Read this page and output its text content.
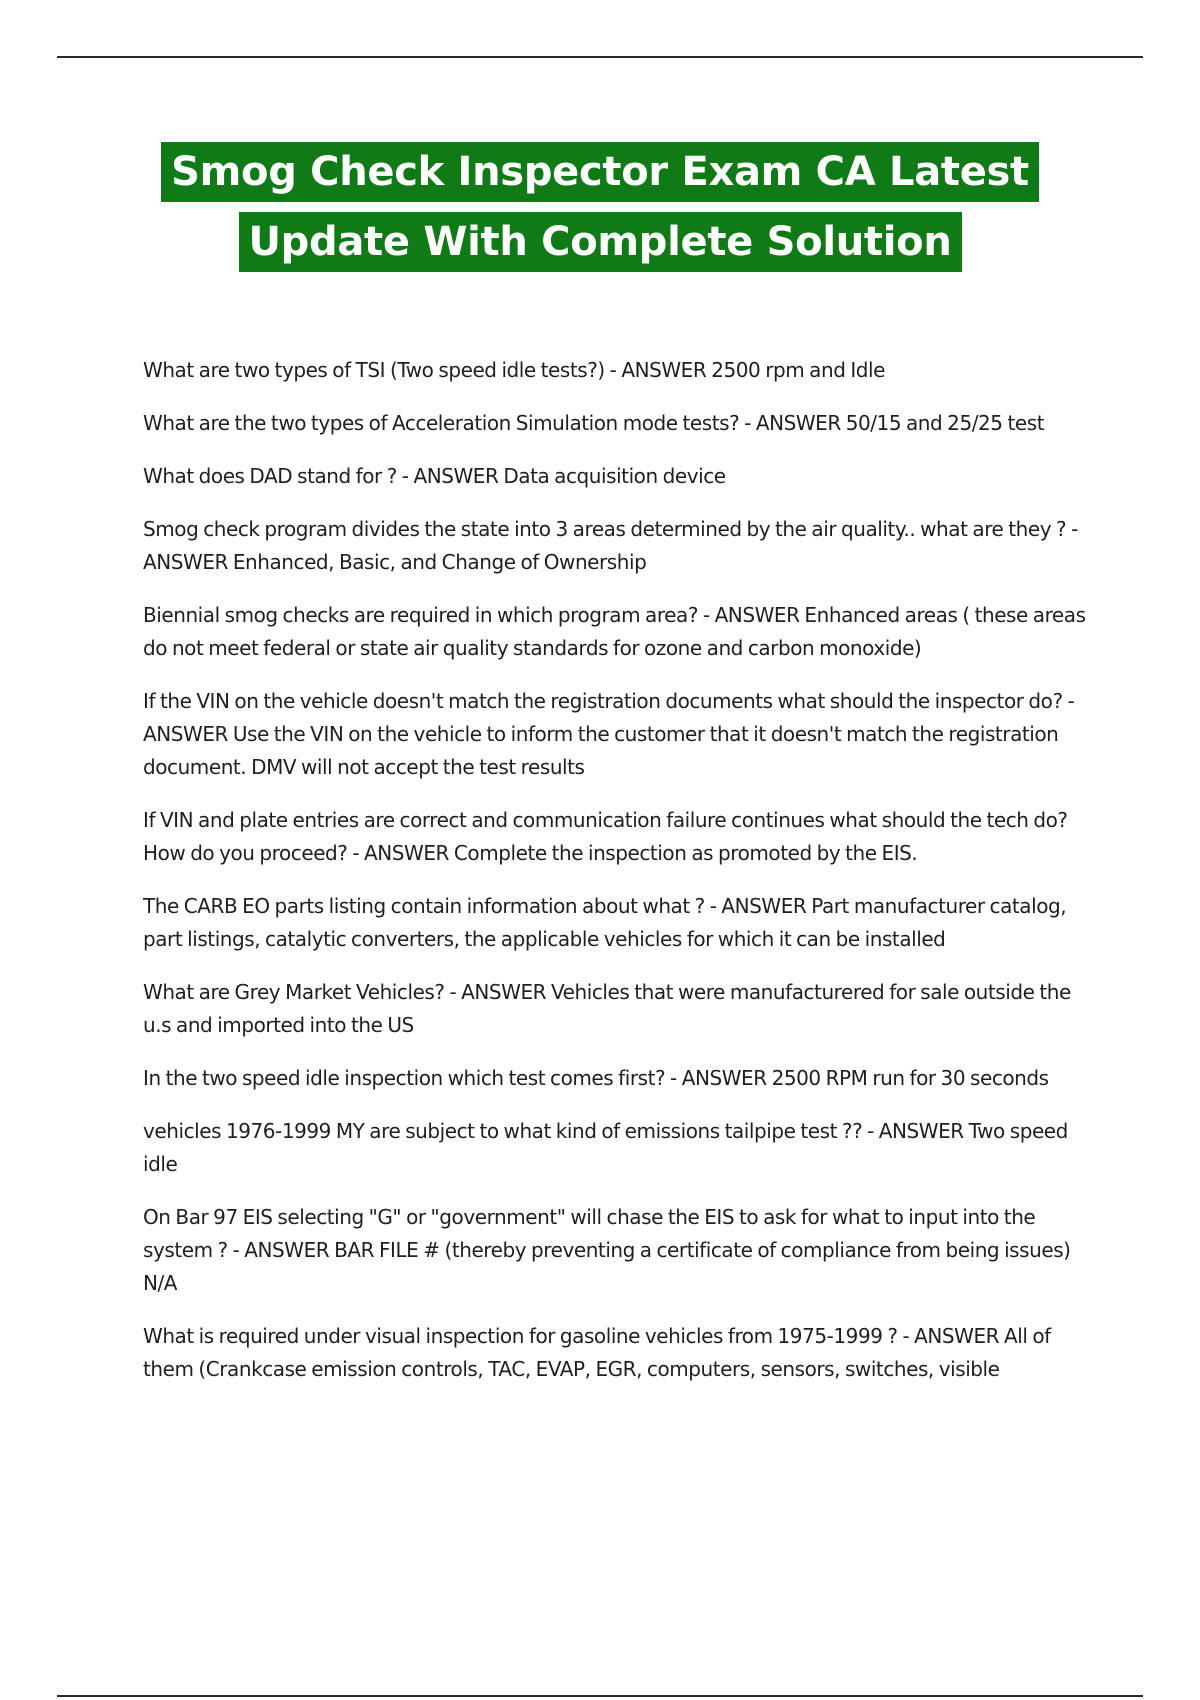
Smog Check Inspector Exam CA Latest
Update With Complete Solution
What are two types of TSI (Two speed idle tests?) - ANSWER 2500 rpm and Idle
What are the two types of Acceleration Simulation mode tests? - ANSWER 50/15 and 25/25 test
What does DAD stand for ? - ANSWER Data acquisition device
Smog check program divides the state into 3 areas determined by the air quality.. what are they ? - ANSWER Enhanced, Basic, and Change of Ownership
Biennial smog checks are required in which program area? - ANSWER Enhanced areas ( these areas do not meet federal or state air quality standards for ozone and carbon monoxide)
If the VIN on the vehicle doesn't match the registration documents what should the inspector do? - ANSWER Use the VIN on the vehicle to inform the customer that it doesn't match the registration document. DMV will not accept the test results
If VIN and plate entries are correct and communication failure continues what should the tech do? How do you proceed? - ANSWER Complete the inspection as promoted by the EIS.
The CARB EO parts listing contain information about what ? - ANSWER Part manufacturer catalog, part listings, catalytic converters, the applicable vehicles for which it can be installed
What are Grey Market Vehicles? - ANSWER Vehicles that were manufacturered for sale outside the u.s and imported into the US
In the two speed idle inspection which test comes first? - ANSWER 2500 RPM run for 30 seconds
vehicles 1976-1999 MY are subject to what kind of emissions tailpipe test ?? - ANSWER Two speed idle
On Bar 97 EIS selecting "G" or "government" will chase the EIS to ask for what to input into the system ? - ANSWER BAR FILE # (thereby preventing a certificate of compliance from being issues) N/A
What is required under visual inspection for gasoline vehicles from 1975-1999 ? - ANSWER All of them (Crankcase emission controls, TAC, EVAP, EGR, computers, sensors, switches, visible
